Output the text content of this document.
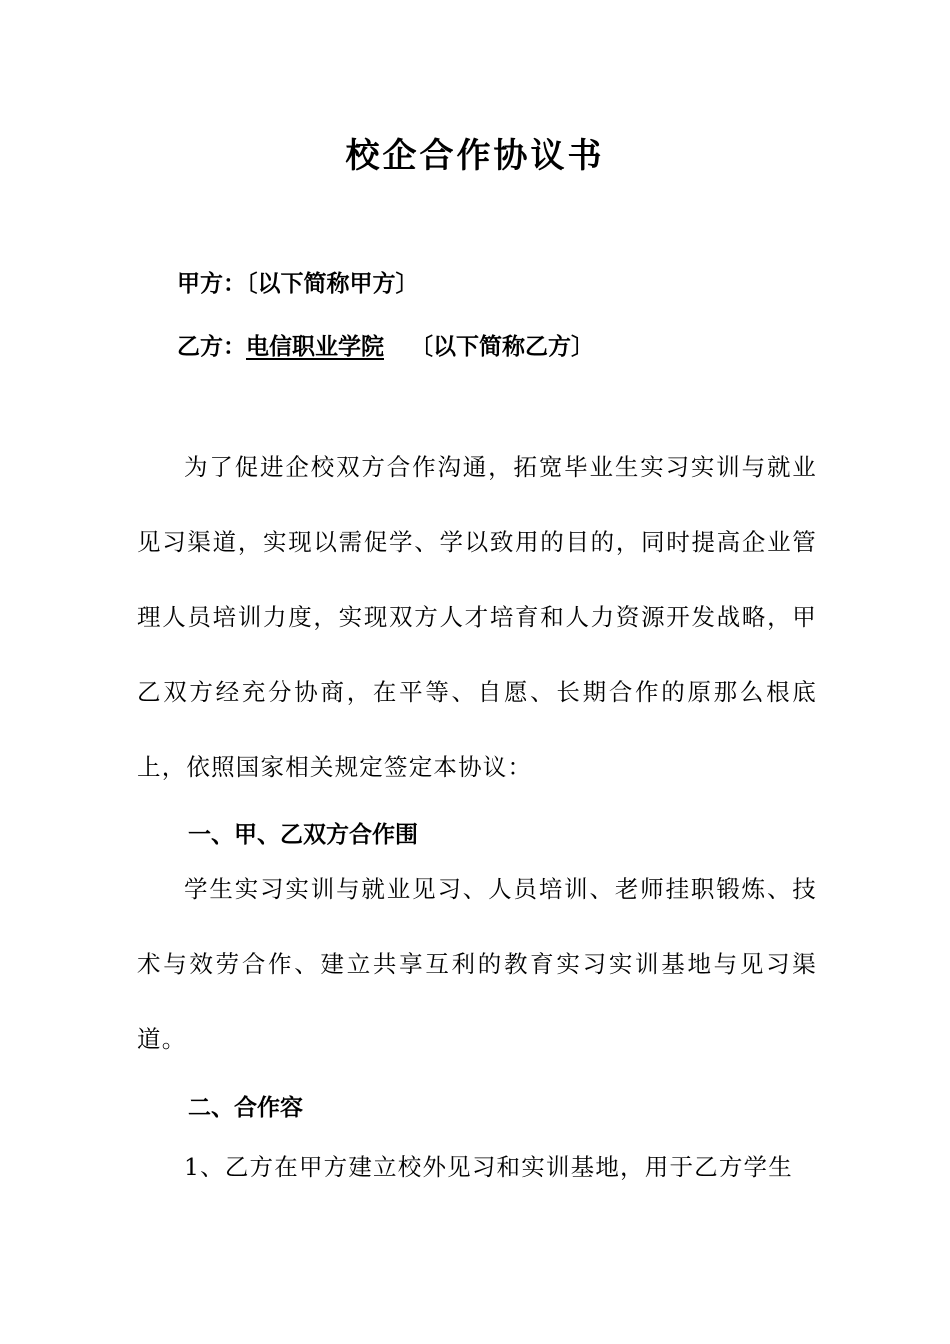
校企合作协议书
甲方：〔以下简称甲方〕
乙方：电信职业学院 〔以下简称乙方〕

为了促进企校双方合作沟通，拓宽毕业生实习实训与就业见习渠道，实现以需促学、学以致用的目的，同时提高企业管理人员培训力度，实现双方人才培育和人力资源开发战略，甲乙双方经充分协商，在平等、自愿、长期合作的原那么根底上，依照国家相关规定签定本协议：

一、甲、乙双方合作围

学生实习实训与就业见习、人员培训、老师挂职锻炼、技术与效劳合作、建立共享互利的教育实习实训基地与见习渠道。

二、合作容

1、乙方在甲方建立校外见习和实训基地，用于乙方学生
